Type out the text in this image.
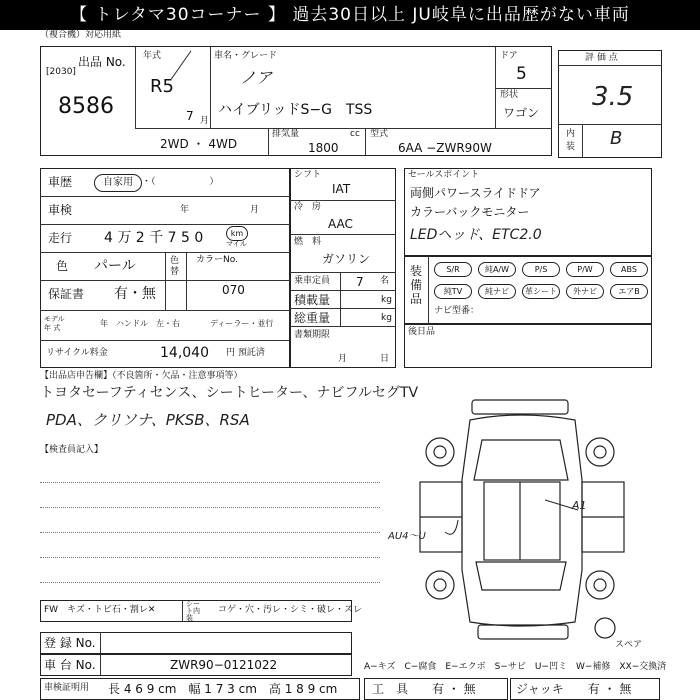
【 トレタマ30コーナー 】 過去30日以上 JU岐阜に出品歴がない車両
（複合機）対応用紙
出品 No.
[2030]
8586
年式
R5
7 月
車名・グレード
ノア
ハイブリッドS−G　TSS
ドア
5
形状
ワゴン
2WD ・ 4WD
排気量	cc
1800
型式
6AA −ZWR90W
評 価 点
3.5
内装 B
車歴	自家用	・（　　　　　　）
車検	年	月
走行 4 万 2 千 7 5 0	km
マイル
色 パール	色替
カラーNo.
070
保証書 有・無
モデル
年 式	年　ハンドル　左・右	ディーラー・並行
リサイクル料金	14,040 円 預託済
シフト
IAT
冷　房
AAC
燃　料
ガソリン
乗車定員 7 名
積載量	kg
総重量	kg
書類期限
月	日
セールスポイント
両側パワースライドドア
カラーバックモニター
LEDヘッド、ETC2.0
装備品
S/R	純A/W	P/S	P/W	ABS
純TV	純ナビ	革シート	外ナビ	エアB
ナビ型番：
後日品
【出品店申告欄】（不良箇所・欠品・注意事項等）
トヨタセーフティセンス、シートヒーター、ナビフルセグTV
PDA、クリソナ、PKSB、RSA
【検査員記入】
A1
AU4〜U
スペア
FW　キズ・トビ石・割レ✕
シート内装
コゲ・穴・汚レ・シミ・破レ・スレ
登 録 No.
車 台 No.	ZWR90−0121022
車検証明用 長 4 6 9 cm　幅 1 7 3 cm　高 1 8 9 cm
A−キズ　C−腐食　E−エクボ　S−サビ　U−凹ミ　W−補修　XX−交換済
工　具　　有 ・ 無	ジャッキ　　有 ・ 無
